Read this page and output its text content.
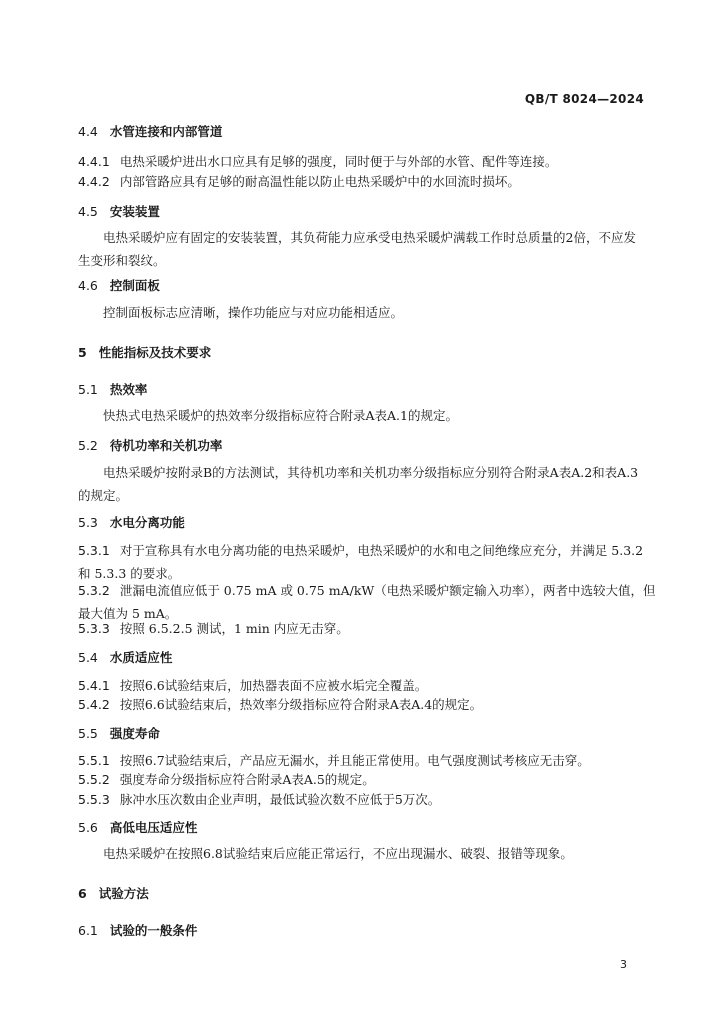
QB/T 8024—2024
4.4 水管连接和内部管道
4.4.1 电热采暖炉进出水口应具有足够的强度，同时便于与外部的水管、配件等连接。
4.4.2 内部管路应具有足够的耐高温性能以防止电热采暖炉中的水回流时损坏。
4.5 安装装置
电热采暖炉应有固定的安装装置，其负荷能力应承受电热采暖炉满载工作时总质量的2倍，不应发
生变形和裂纹。
4.6 控制面板
控制面板标志应清晰，操作功能应与对应功能相适应。
5 性能指标及技术要求
5.1 热效率
快热式电热采暖炉的热效率分级指标应符合附录A表A.1的规定。
5.2 待机功率和关机功率
电热采暖炉按附录B的方法测试，其待机功率和关机功率分级指标应分别符合附录A表A.2和表A.3
的规定。
5.3 水电分离功能
5.3.1 对于宣称具有水电分离功能的电热采暖炉，电热采暖炉的水和电之间绝缘应充分，并满足 5.3.2
和 5.3.3 的要求。
5.3.2 泄漏电流值应低于 0.75 mA 或 0.75 mA/kW（电热采暖炉额定输入功率），两者中选较大值，但
最大值为 5 mA。
5.3.3 按照 6.5.2.5 测试，1 min 内应无击穿。
5.4 水质适应性
5.4.1 按照6.6试验结束后，加热器表面不应被水垢完全覆盖。
5.4.2 按照6.6试验结束后，热效率分级指标应符合附录A表A.4的规定。
5.5 强度寿命
5.5.1 按照6.7试验结束后，产品应无漏水，并且能正常使用。电气强度测试考核应无击穿。
5.5.2 强度寿命分级指标应符合附录A表A.5的规定。
5.5.3 脉冲水压次数由企业声明，最低试验次数不应低于5万次。
5.6 高低电压适应性
电热采暖炉在按照6.8试验结束后应能正常运行，不应出现漏水、破裂、报错等现象。
6 试验方法
6.1 试验的一般条件
3
